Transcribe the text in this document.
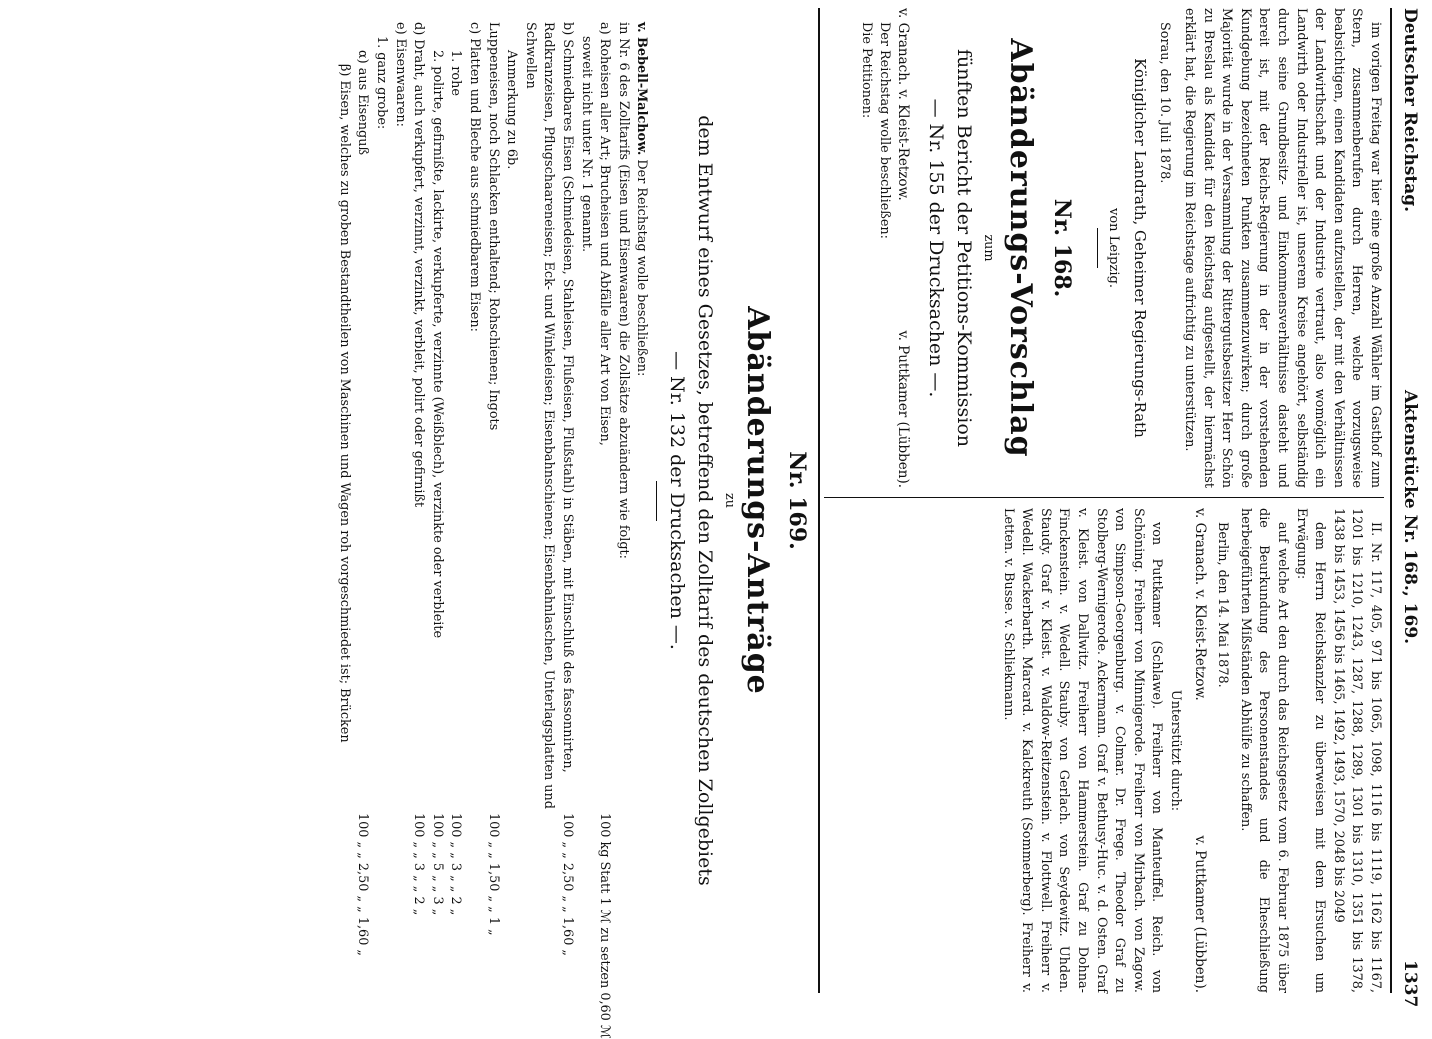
Deutscher Reichstag.
Aktenstücke Nr. 168., 169.
1337

im vorigen Freitag war hier eine große Anzahl Wähler im Gasthof zum Stern, zusammenberufen durch Herren, welche vorzugsweise beabsichtigen, einen Kandidaten aufzustellen, der mit den Verhältnissen der Landwirthschaft und der Industrie vertraut, also womöglich ein Landwirth oder Industrieller ist, unserem Kreise angehört, selbständig durch seine Grundbesitz- und Einkommensverhältnisse dasteht und bereit ist, mit der Reichs-Regierung in der in der vorstehenden Kundgebung bezeichneten Punkten zusammenzuwirken; durch große Majorität wurde in der Versammlung der Rittergutsbesitzer Herr Schön zu Breslau als Kandidat für den Reichstag aufgestellt, der hiermächst erklärt hat, die Regierung im Reichstage aufrichtig zu unterstützen.

Sorau, den 10. Juli 1878.

Königlicher Landrath, Geheimer Regierungs-Rath
von Leipzig.
Nr. 168.
Abänderungs-Vorschlag
zum
fünften Bericht der Petitions-Kommission
— Nr. 155 der Drucksachen —.
v. Granach. v. Kleist-Retzow.
v. Puttkamer (Lübben).

Der Reichstag wolle beschließen:

Die Petitionen:

II. Nr. 117, 405, 971 bis 1065, 1098, 1116 bis 1119, 1162 bis 1167, 1201 bis 1210, 1243, 1287, 1288, 1289, 1301 bis 1310, 1351 bis 1378, 1438 bis 1453, 1456 bis 1465, 1492, 1493, 1570, 2048 bis 2049

dem Herrn Reichskanzler zu überweisen mit dem Ersuchen um Erwägung:

auf welche Art den durch das Reichsgesetz vom 6. Februar 1875 über die Beurkundung des Personenstandes und die Eheschließung herbeigeführten Mißständen Abhülfe zu schaffen.

Berlin, den 14. Mai 1878.

v. Granach. v. Kleist-Retzow.
v. Puttkamer (Lübben).
Unterstützt durch:

von Puttkamer (Schlawe). Freiherr von Manteuffel. Reich. von Schöning. Freiherr von Minnigerode. Freiherr von Mirbach. von Zagow. von Simpson-Georgenburg. v. Colmar. Dr. Frege. Theodor Graf zu Stolberg-Wernigerode. Ackermann. Graf v. Bethusy-Huc. v. d. Osten. Graf v. Kleist. von Dallwitz. Freiherr von Hammerstein. Graf zu Dohna-Finckenstein. v. Wedell. Stauby. von Gerlach. von Seydewitz. Uhden. Staudy. Graf v. Kleist. v. Waldow-Reitzenstein. v. Flottwell. Freiherr v. Wedell. Wackerbarth. Marcard. v. Kalckreuth (Sommerberg). Freiherr v. Letten. v. Busse. v. Schliekmann.

Nr. 169.
Abänderungs-Anträge
zu
dem Entwurf eines Gesetzes, betreffend den Zolltarif des deutschen Zollgebiets
— Nr. 132 der Drucksachen —.

v. Bebell-Malchow. Der Reichstag wolle beschließen:

in Nr. 6 des Zolltarifs (Eisen und Eisenwaaren) die Zollsätze abzuändern wie folgt:

a) Roheisen aller Art; Brucheisen und Abfälle aller Art von Eisen,
100 kg Statt 1 ℳ zu setzen 0,60 ℳ
soweit nicht unter Nr. 1 genannt.
b) Schmiedbares Eisen (Schmiedeisen, Stahleisen, Flußeisen, Flußstahl) in Stäben, mit Einschluß des fassonnirten, Radkranzeisen, Pflugschaareneisen; Eck- und Winkeleisen; Eisenbahnschienen; Eisenbahnlaschen, Unterlagsplatten und Schwellen
100 „ „ 2,50 „ „ 1,60 „
Anmerkung zu 6b.
Luppeneisen, noch Schlacken enthaltend; Rohschienen; Ingots
100 „ „ 1,50 „ „ 1 „
c) Platten und Bleche aus schmiedbarem Eisen:
1. rohe
100 „ „ 3 „ „ 2 „
2. polirte, gefirnißte, lackirte, verkupferte, verzinnte (Weißblech), verzinkte oder verbleite
100 „ „ 5 „ „ 3 „
d) Draht, auch verkupfert, verzinnt, verzinkt, verbleit, polirt oder gefirnißt
100 „ „ 3 „ „ 2 „
e) Eisenwaaren:
1. ganz grobe:
α) aus Eisenguß
100 „ „ 2,50 „ „ 1,60 „
β) Eisen, welches zu groben Bestandtheilen von Maschinen und Wagen roh vorgeschmiedet ist; Brücken
